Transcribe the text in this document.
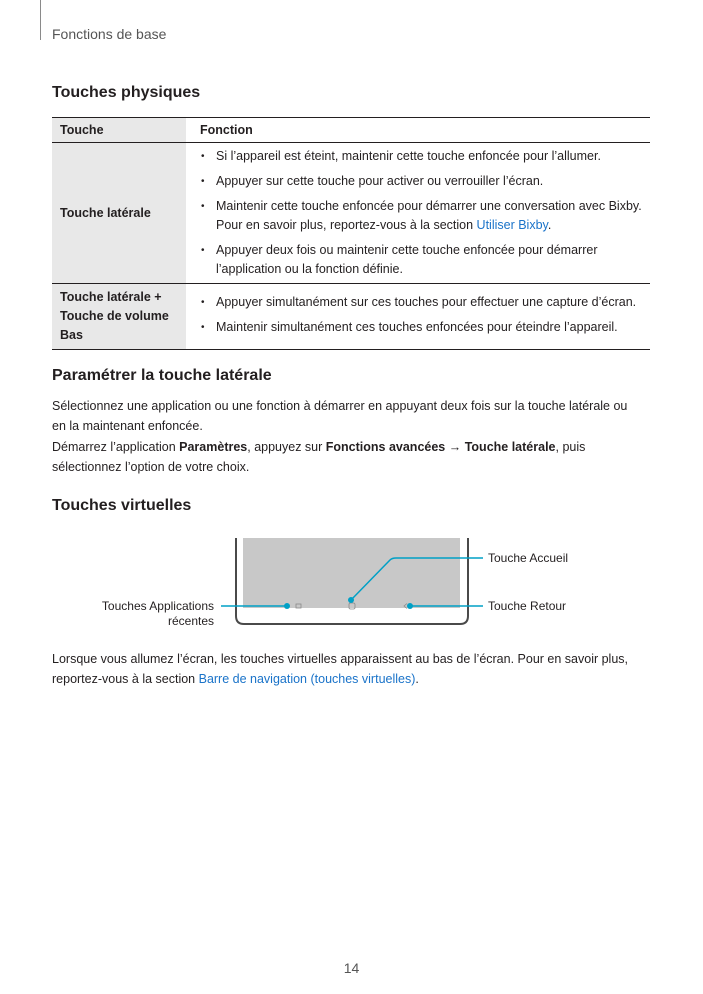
Fonctions de base
Touches physiques
Touche	Fonction
Touche latérale
• Si l’appareil est éteint, maintenir cette touche enfoncée pour l’allumer.
• Appuyer sur cette touche pour activer ou verrouiller l’écran.
• Maintenir cette touche enfoncée pour démarrer une conversation avec Bixby. Pour en savoir plus, reportez-vous à la section Utiliser Bixby.
• Appuyer deux fois ou maintenir cette touche enfoncée pour démarrer l’application ou la fonction définie.
Touche latérale + Touche de volume Bas
• Appuyer simultanément sur ces touches pour effectuer une capture d’écran.
• Maintenir simultanément ces touches enfoncées pour éteindre l’appareil.
Paramétrer la touche latérale

Sélectionnez une application ou une fonction à démarrer en appuyant deux fois sur la touche latérale ou en la maintenant enfoncée.

Démarrez l’application Paramètres, appuyez sur Fonctions avancées → Touche latérale, puis sélectionnez l’option de votre choix.

Touches virtuelles
Touche Accueil
Touche Retour
Touches Applications
récentes

Lorsque vous allumez l’écran, les touches virtuelles apparaissent au bas de l’écran. Pour en savoir plus, reportez-vous à la section Barre de navigation (touches virtuelles).

14
